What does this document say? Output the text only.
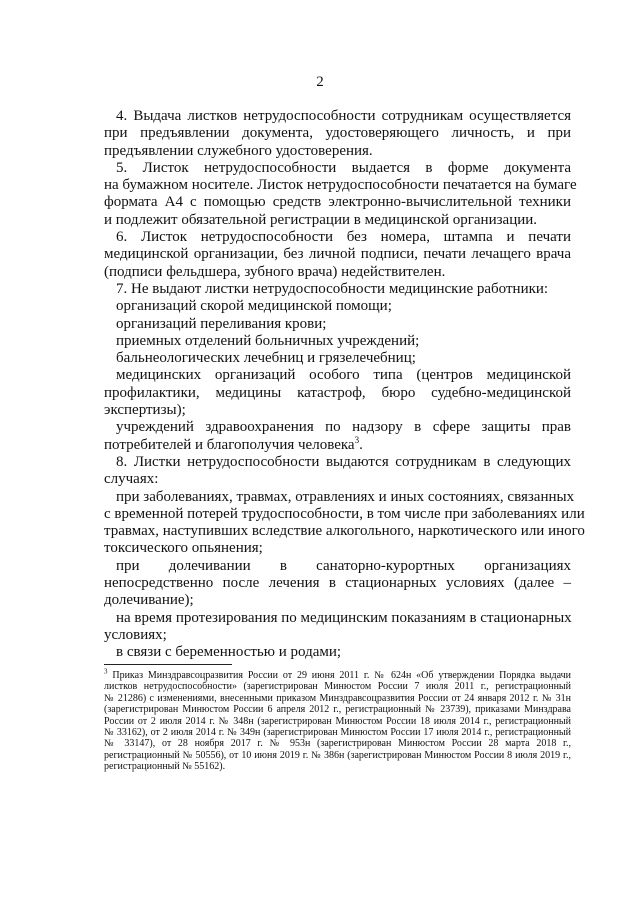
2
4. Выдача листков нетрудоспособности сотрудникам осуществляется
при предъявлении документа, удостоверяющего личность, и при
предъявлении служебного удостоверения.
5. Листок нетрудоспособности выдается в форме документа
на бумажном носителе. Листок нетрудоспособности печатается на бумаге
формата А4 с помощью средств электронно-вычислительной техники
и подлежит обязательной регистрации в медицинской организации.
6. Листок нетрудоспособности без номера, штампа и печати
медицинской организации, без личной подписи, печати лечащего врача
(подписи фельдшера, зубного врача) недействителен.
7. Не выдают листки нетрудоспособности медицинские работники:
организаций скорой медицинской помощи;
организаций переливания крови;
приемных отделений больничных учреждений;
бальнеологических лечебниц и грязелечебниц;
медицинских организаций особого типа (центров медицинской
профилактики, медицины катастроф, бюро судебно-медицинской
экспертизы);
учреждений здравоохранения по надзору в сфере защиты прав
потребителей и благополучия человека$^3$.
8. Листки нетрудоспособности выдаются сотрудникам в следующих
случаях:
при заболеваниях, травмах, отравлениях и иных состояниях, связанных
с временной потерей трудоспособности, в том числе при заболеваниях или
травмах, наступивших вследствие алкогольного, наркотического или иного
токсического опьянения;
при долечивании в санаторно-курортных организациях
непосредственно после лечения в стационарных условиях (далее –
долечивание);
на время протезирования по медицинским показаниям в стационарных
условиях;
в связи с беременностью и родами;
$^3$ Приказ Минздравсоцразвития России от 29 июня 2011 г. № 624н «Об утверждении Порядка выдачи
листков нетрудоспособности» (зарегистрирован Минюстом России 7 июля 2011 г., регистрационный
№ 21286) с изменениями, внесенными приказом Минздравсоцразвития России от 24 января 2012 г. № 31н
(зарегистрирован Минюстом России 6 апреля 2012 г., регистрационный № 23739), приказами Минздрава
России от 2 июля 2014 г. № 348н (зарегистрирован Минюстом России 18 июля 2014 г., регистрационный
№ 33162), от 2 июля 2014 г. № 349н (зарегистрирован Минюстом России 17 июля 2014 г., регистрационный
№ 33147), от 28 ноября 2017 г. № 953н (зарегистрирован Минюстом России 28 марта 2018 г.,
регистрационный № 50556), от 10 июня 2019 г. № 386н (зарегистрирован Минюстом России 8 июля 2019 г.,
регистрационный № 55162).
